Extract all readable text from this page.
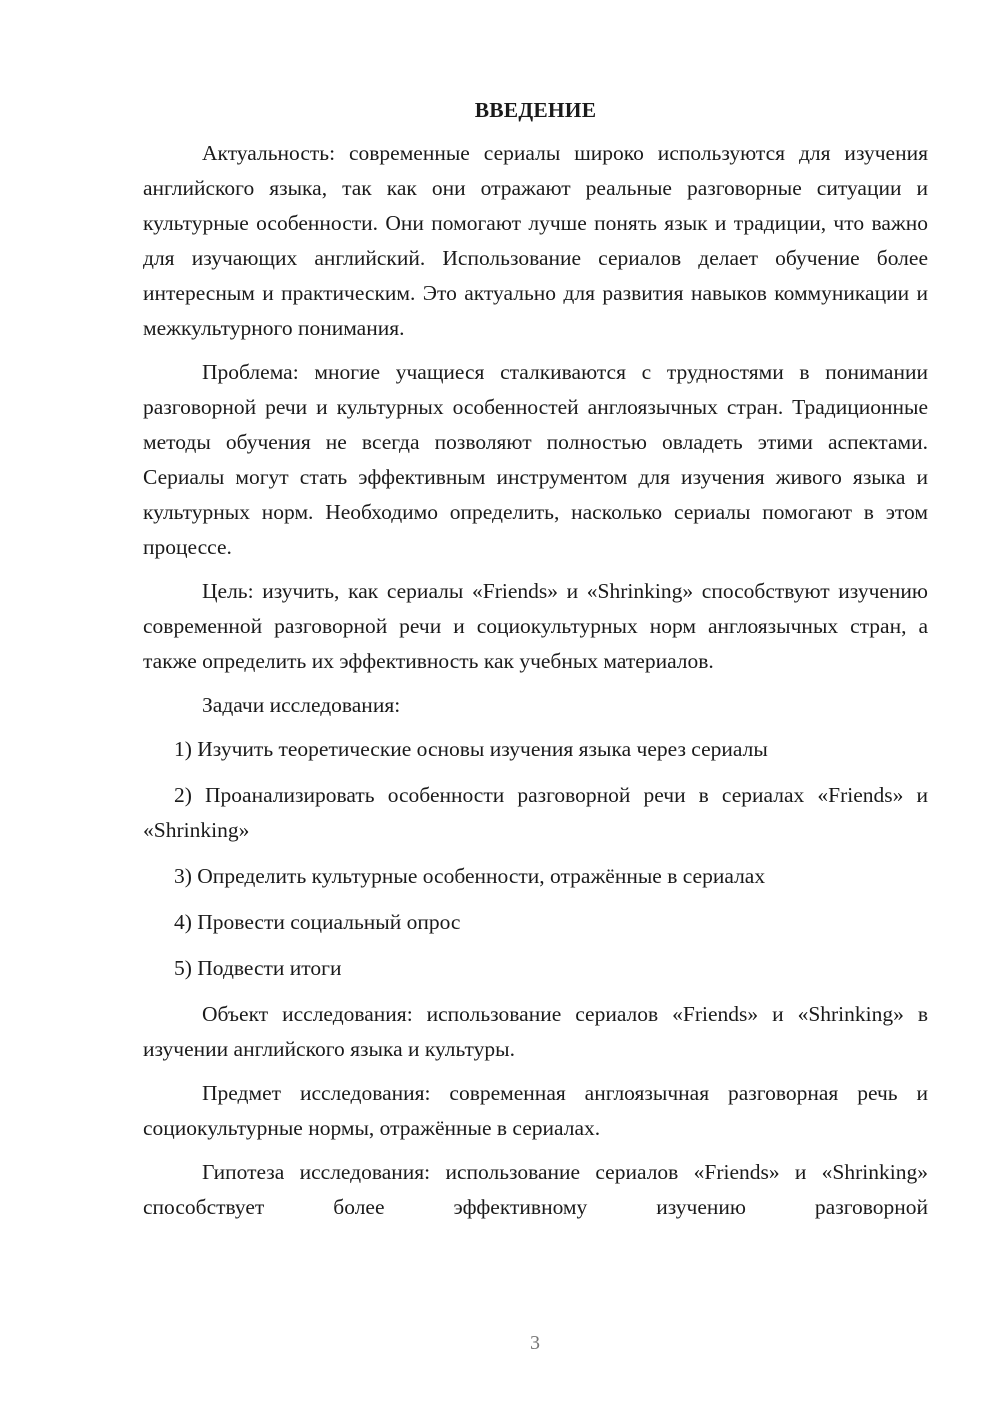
ВВЕДЕНИЕ

Актуальность: современные сериалы широко используются для изучения английского языка, так как они отражают реальные разговорные ситуации и культурные особенности. Они помогают лучше понять язык и традиции, что важно для изучающих английский. Использование сериалов делает обучение более интересным и практическим. Это актуально для развития навыков коммуникации и межкультурного понимания.

Проблема: многие учащиеся сталкиваются с трудностями в понимании разговорной речи и культурных особенностей англоязычных стран. Традиционные методы обучения не всегда позволяют полностью овладеть этими аспектами. Сериалы могут стать эффективным инструментом для изучения живого языка и культурных норм. Необходимо определить, насколько сериалы помогают в этом процессе.

Цель: изучить, как сериалы «Friends» и «Shrinking» способствуют изучению современной разговорной речи и социокультурных норм англоязычных стран, а также определить их эффективность как учебных материалов.

Задачи исследования:

1) Изучить теоретические основы изучения языка через сериалы

2) Проанализировать особенности разговорной речи в сериалах «Friends» и «Shrinking»

3) Определить культурные особенности, отражённые в сериалах

4) Провести социальный опрос

5) Подвести итоги

Объект исследования: использование сериалов «Friends» и «Shrinking» в изучении английского языка и культуры.

Предмет исследования: современная англоязычная разговорная речь и социокультурные нормы, отражённые в сериалах.

Гипотеза исследования: использование сериалов «Friends» и «Shrinking» способствует более эффективному изучению разговорной

3
